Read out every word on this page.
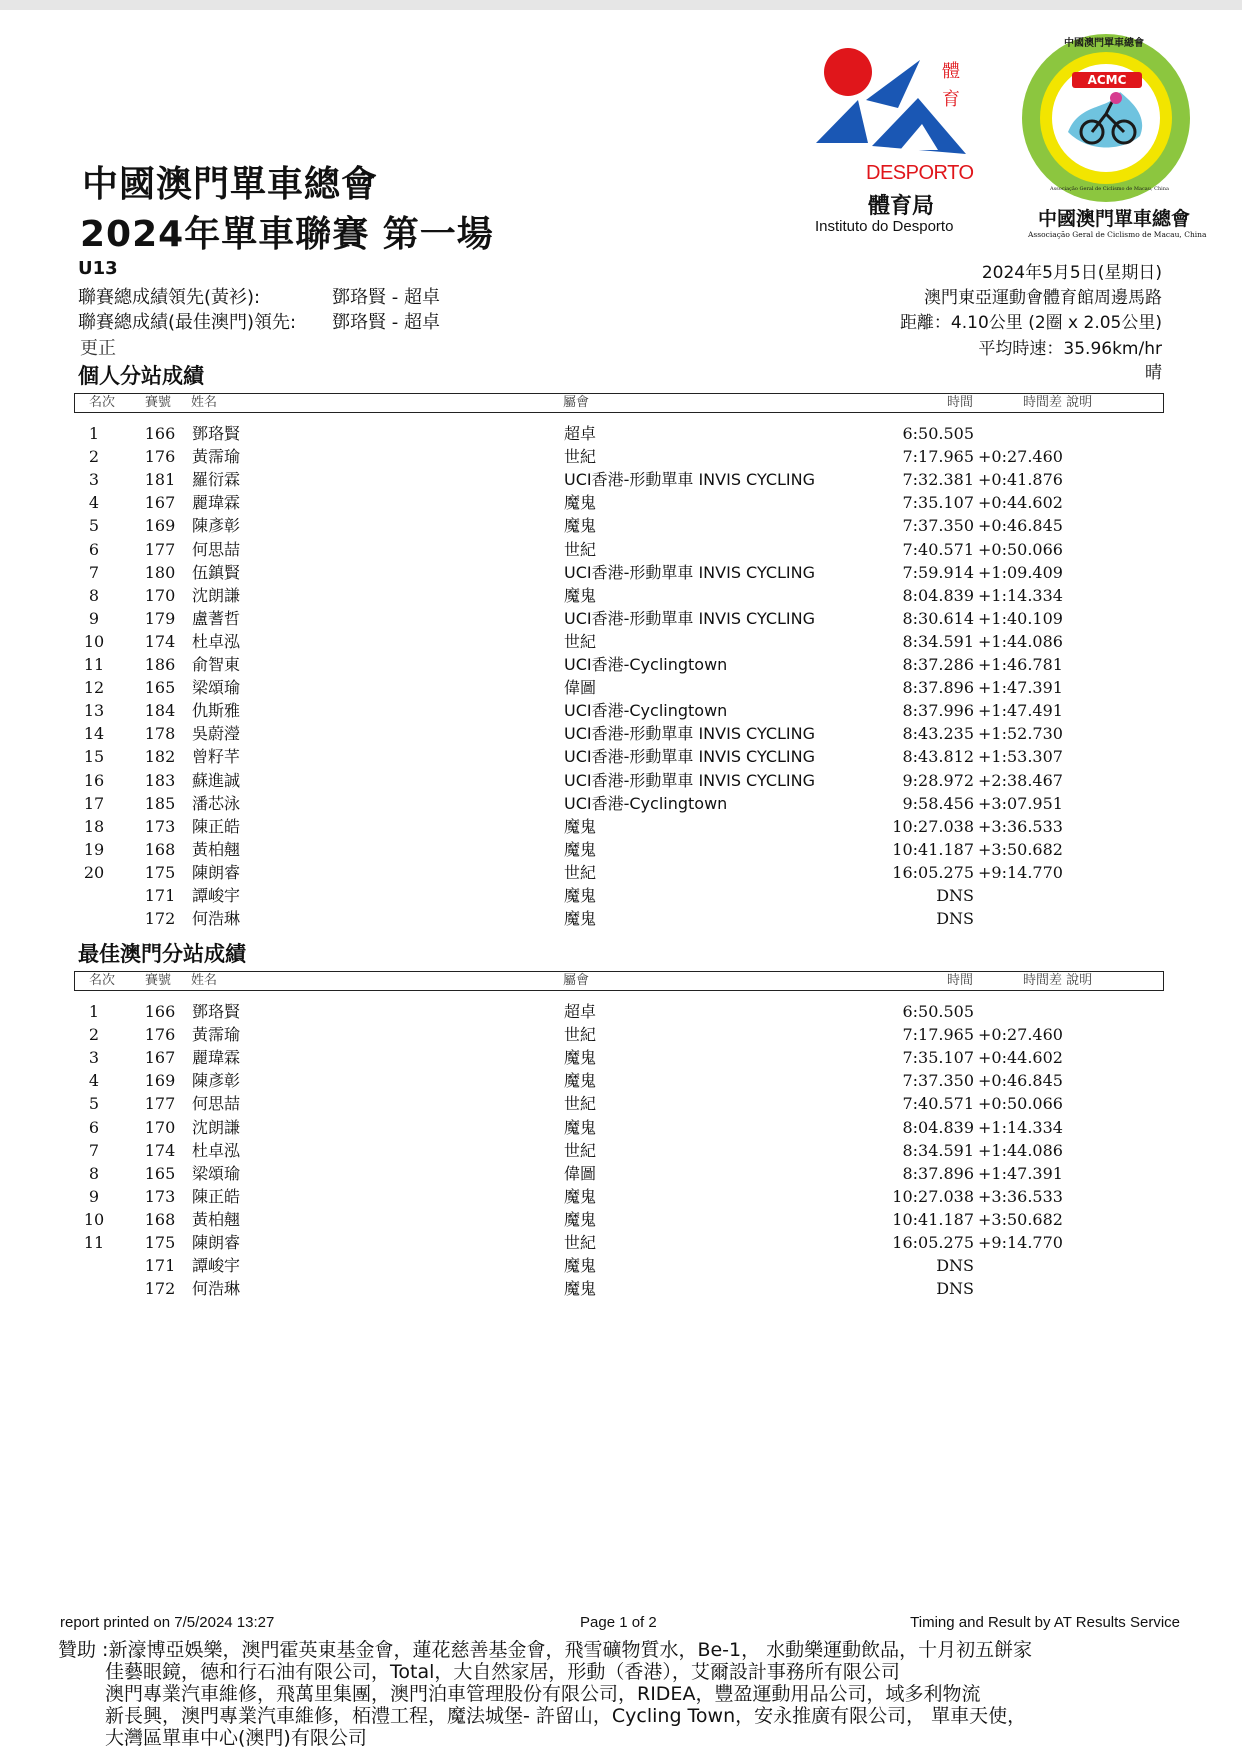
中國澳門單車總會
2024年單車聯賽 第一場
體育
DESPORTO
體育局
Instituto do Desporto
ACMC
中國澳門單車總會
Associação Geral de Ciclismo de Macau, China
中國澳門單車總會
Associação Geral de Ciclismo de Macau, China
U13
聯賽總成績領先(黃衫):	鄧珞賢 - 超卓
聯賽總成績(最佳澳門)領先: 鄧珞賢 - 超卓
更正
2024年5月5日(星期日)
澳門東亞運動會體育館周邊馬路
距離：4.10公里 (2圈 x 2.05公里)
平均時速：35.96km/hr
晴
個人分站成績
名次 賽號 姓名	屬會	時間	時間差 說明
1	166 鄧珞賢	超卓	6:50.505
2	176 黃霈瑜	世紀	7:17.965 +0:27.460
3	181 羅衍霖	UCI香港-形動單車 INVIS CYCLING	7:32.381 +0:41.876
4	167 麗瑋霖	魔鬼	7:35.107 +0:44.602
5	169 陳彥彰	魔鬼	7:37.350 +0:46.845
6	177 何思喆	世紀	7:40.571 +0:50.066
7	180 伍鎮賢	UCI香港-形動單車 INVIS CYCLING	7:59.914 +1:09.409
8	170 沈朗謙	魔鬼	8:04.839 +1:14.334
9	179 盧蓍哲	UCI香港-形動單車 INVIS CYCLING	8:30.614 +1:40.109
10	174 杜卓泓	世紀	8:34.591 +1:44.086
11	186 俞智東	UCI香港-Cyclingtown	8:37.286 +1:46.781
12	165 梁頌瑜	偉圖	8:37.896 +1:47.391
13	184 仇斯雅	UCI香港-Cyclingtown	8:37.996 +1:47.491
14	178 吳蔚瀅	UCI香港-形動單車 INVIS CYCLING	8:43.235 +1:52.730
15	182 曾籽芊	UCI香港-形動單車 INVIS CYCLING	8:43.812 +1:53.307
16	183 蘇進誠	UCI香港-形動單車 INVIS CYCLING	9:28.972 +2:38.467
17	185 潘芯泳	UCI香港-Cyclingtown	9:58.456 +3:07.951
18	173 陳正皓	魔鬼	10:27.038 +3:36.533
19	168 黃柏翹	魔鬼	10:41.187 +3:50.682
20	175 陳朗睿	世紀	16:05.275 +9:14.770
171 譚峻宇	魔鬼	DNS
172 何浩琳	魔鬼	DNS
最佳澳門分站成績
名次 賽號 姓名	屬會	時間	時間差 說明
1	166 鄧珞賢	超卓	6:50.505
2	176 黃霈瑜	世紀	7:17.965 +0:27.460
3	167 麗瑋霖	魔鬼	7:35.107 +0:44.602
4	169 陳彥彰	魔鬼	7:37.350 +0:46.845
5	177 何思喆	世紀	7:40.571 +0:50.066
6	170 沈朗謙	魔鬼	8:04.839 +1:14.334
7	174 杜卓泓	世紀	8:34.591 +1:44.086
8	165 梁頌瑜	偉圖	8:37.896 +1:47.391
9	173 陳正皓	魔鬼	10:27.038 +3:36.533
10	168 黃柏翹	魔鬼	10:41.187 +3:50.682
11	175 陳朗睿	世紀	16:05.275 +9:14.770
171 譚峻宇	魔鬼	DNS
172 何浩琳	魔鬼	DNS
report printed on 7/5/2024 13:27	Page 1 of 2	Timing and Result by AT Results Service
贊助 :新濠博亞娛樂，澳門霍英東基金會，蓮花慈善基金會，飛雪礦物質水，Be-1， 水動樂運動飲品，十月初五餅家
佳藝眼鏡，德和行石油有限公司，Total，大自然家居，形動（香港），艾爾設計事務所有限公司
澳門專業汽車維修，飛萬里集團，澳門泊車管理股份有限公司，RIDEA，豐盈運動用品公司，域多利物流
新長興，澳門專業汽車維修，栢澧工程，魔法城堡- 許留山，Cycling Town，安永推廣有限公司， 單車天使，
大灣區單車中心(澳門)有限公司
